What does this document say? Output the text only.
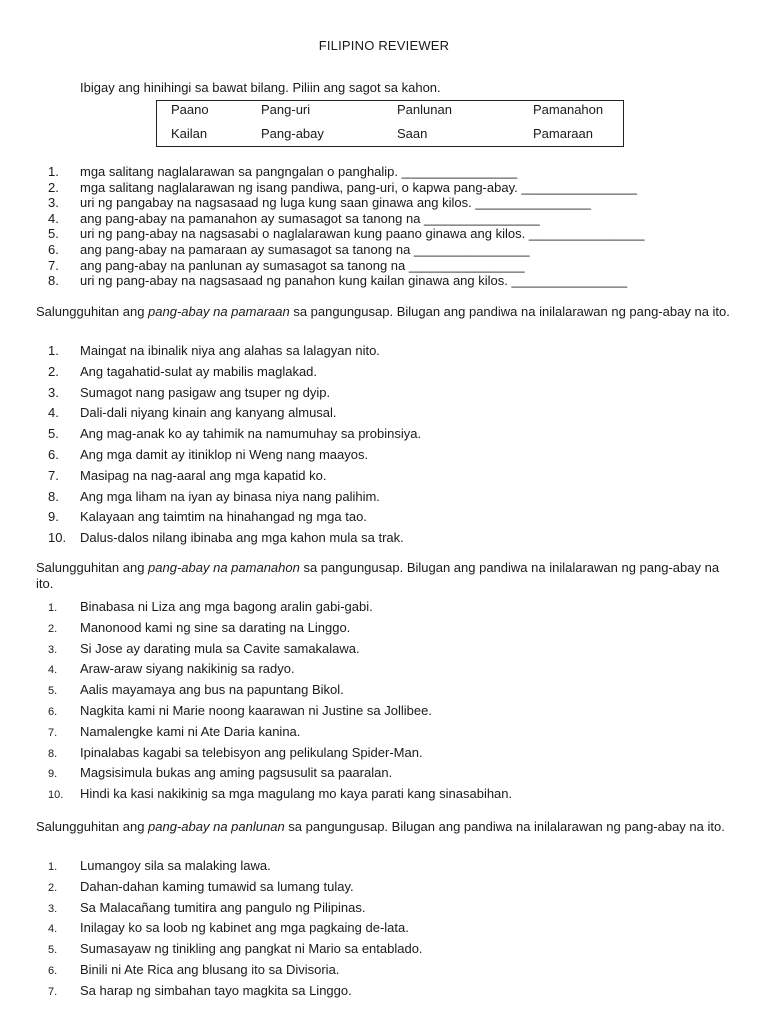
FILIPINO REVIEWER
Ibigay ang hinihingi sa bawat bilang. Piliin ang sagot sa kahon.
Paano	Pang-uri	Panlunan	Pamanahon
Kailan	Pang-abay	Saan	Pamaraan
1. mga salitang naglalarawan sa pangngalan o panghalip. ________________
2. mga salitang naglalarawan ng isang pandiwa, pang-uri, o kapwa pang-abay. ________________
3. uri ng pangabay na nagsasaad ng luga kung saan ginawa ang kilos. ________________
4. ang pang-abay na pamanahon ay sumasagot sa tanong na ________________
5. uri ng pang-abay na nagsasabi o naglalarawan kung paano ginawa ang kilos. ________________
6. ang pang-abay na pamaraan ay sumasagot sa tanong na ________________
7. ang pang-abay na panlunan ay sumasagot sa tanong na ________________
8. uri ng pang-abay na nagsasaad ng panahon kung kailan ginawa ang kilos. ________________
Salungguhitan ang pang-abay na pamaraan sa pangungusap. Bilugan ang pandiwa na inilalarawan ng pang-abay na ito.
1. Maingat na ibinalik niya ang alahas sa lalagyan nito.
2. Ang tagahatid-sulat ay mabilis maglakad.
3. Sumagot nang pasigaw ang tsuper ng dyip.
4. Dali-dali niyang kinain ang kanyang almusal.
5. Ang mag-anak ko ay tahimik na namumuhay sa probinsiya.
6. Ang mga damit ay itiniklop ni Weng nang maayos.
7. Masipag na nag-aaral ang mga kapatid ko.
8. Ang mga liham na iyan ay binasa niya nang palihim.
9. Kalayaan ang taimtim na hinahangad ng mga tao.
10. Dalus-dalos nilang ibinaba ang mga kahon mula sa trak.
Salungguhitan ang pang-abay na pamanahon sa pangungusap. Bilugan ang pandiwa na inilalarawan ng pang-abay na ito.
1. Binabasa ni Liza ang mga bagong aralin gabi-gabi.
2. Manonood kami ng sine sa darating na Linggo.
3. Si Jose ay darating mula sa Cavite samakalawa.
4. Araw-araw siyang nakikinig sa radyo.
5. Aalis mayamaya ang bus na papuntang Bikol.
6. Nagkita kami ni Marie noong kaarawan ni Justine sa Jollibee.
7. Namalengke kami ni Ate Daria kanina.
8. Ipinalabas kagabi sa telebisyon ang pelikulang Spider-Man.
9. Magsisimula bukas ang aming pagsusulit sa paaralan.
10. Hindi ka kasi nakikinig sa mga magulang mo kaya parati kang sinasabihan.
Salungguhitan ang pang-abay na panlunan sa pangungusap. Bilugan ang pandiwa na inilalarawan ng pang-abay na ito.
1. Lumangoy sila sa malaking lawa.
2. Dahan-dahan kaming tumawid sa lumang tulay.
3. Sa Malacañang tumitira ang pangulo ng Pilipinas.
4. Inilagay ko sa loob ng kabinet ang mga pagkaing de-lata.
5. Sumasayaw ng tinikling ang pangkat ni Mario sa entablado.
6. Binili ni Ate Rica ang blusang ito sa Divisoria.
7. Sa harap ng simbahan tayo magkita sa Linggo.
